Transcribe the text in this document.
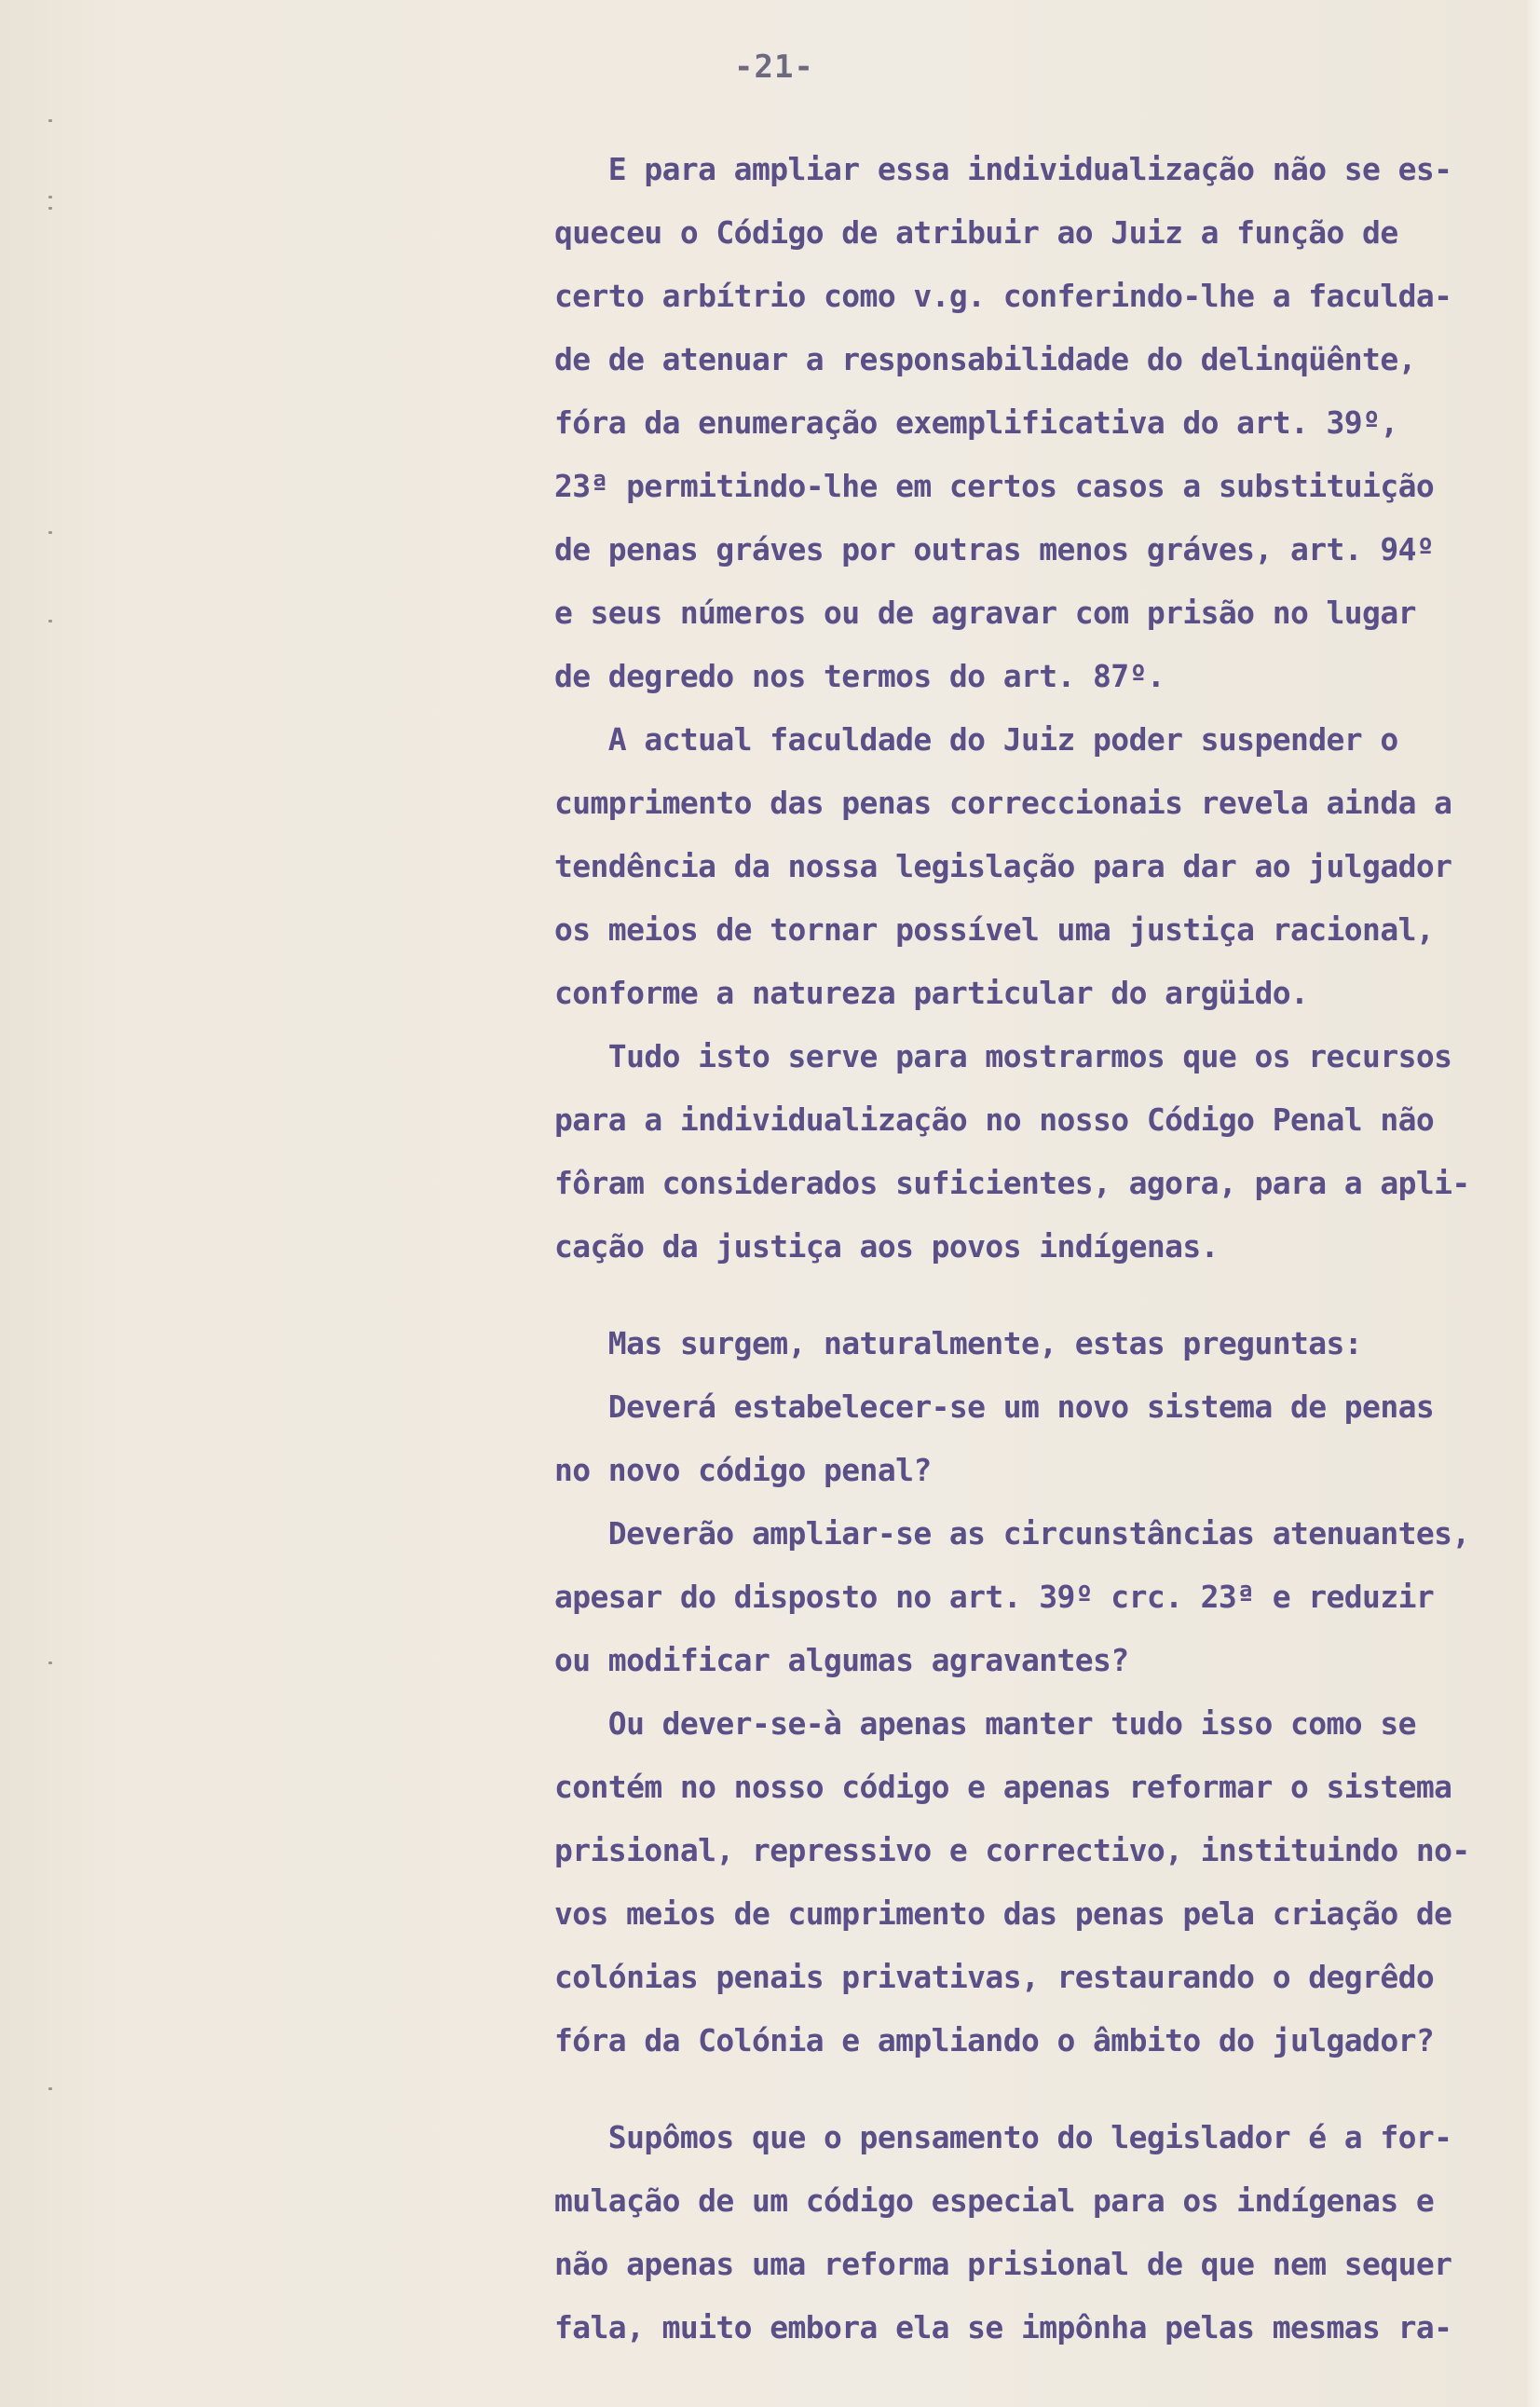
-21-
E para ampliar essa individualização não se es-
queceu o Código de atribuir ao Juiz a função de
certo arbítrio como v.g. conferindo-lhe a faculda-
de de atenuar a responsabilidade do delinqüênte,
fóra da enumeração exemplificativa do art. 39º,
23ª permitindo-lhe em certos casos a substituição
de penas gráves por outras menos gráves, art. 94º
e seus números ou de agravar com prisão no lugar
de degredo nos termos do art. 87º.
A actual faculdade do Juiz poder suspender o
cumprimento das penas correccionais revela ainda a
tendência da nossa legislação para dar ao julgador
os meios de tornar possível uma justiça racional,
conforme a natureza particular do argüido.
Tudo isto serve para mostrarmos que os recursos
para a individualização no nosso Código Penal não
fôram considerados suficientes, agora, para a apli-
cação da justiça aos povos indígenas.
Mas surgem, naturalmente, estas preguntas:
Deverá estabelecer-se um novo sistema de penas
no novo código penal?
Deverão ampliar-se as circunstâncias atenuantes,
apesar do disposto no art. 39º crc. 23ª e reduzir
ou modificar algumas agravantes?
Ou dever-se-à apenas manter tudo isso como se
contém no nosso código e apenas reformar o sistema
prisional, repressivo e correctivo, instituindo no-
vos meios de cumprimento das penas pela criação de
colónias penais privativas, restaurando o degrêdo
fóra da Colónia e ampliando o âmbito do julgador?
Supômos que o pensamento do legislador é a for-
mulação de um código especial para os indígenas e
não apenas uma reforma prisional de que nem sequer
fala, muito embora ela se impônha pelas mesmas ra-
